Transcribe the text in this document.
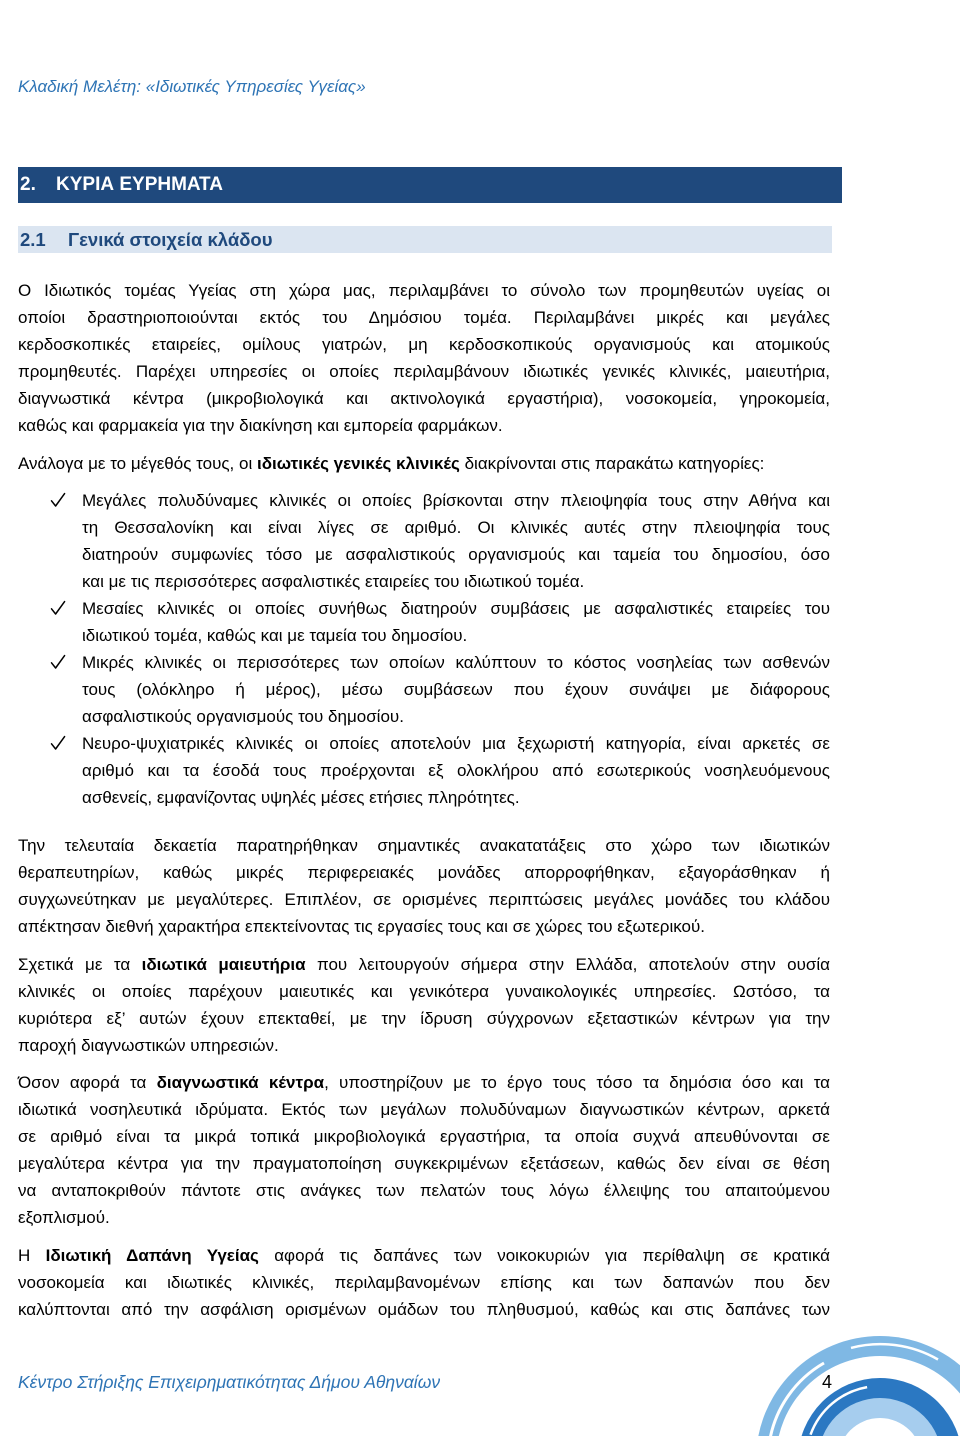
Κλαδική Μελέτη: «Ιδιωτικές Υπηρεσίες Υγείας»
2. ΚΥΡΙΑ ΕΥΡΗΜΑΤΑ
2.1 Γενικά στοιχεία κλάδου
Ο Ιδιωτικός τομέας Υγείας στη χώρα μας, περιλαμβάνει το σύνολο των προμηθευτών υγείας οι
οποίοι δραστηριοποιούνται εκτός του Δημόσιου τομέα. Περιλαμβάνει μικρές και μεγάλες
κερδοσκοπικές εταιρείες, ομίλους γιατρών, μη κερδοσκοπικούς οργανισμούς και ατομικούς
προμηθευτές. Παρέχει υπηρεσίες οι οποίες περιλαμβάνουν ιδιωτικές γενικές κλινικές, μαιευτήρια,
διαγνωστικά κέντρα (μικροβιολογικά και ακτινολογικά εργαστήρια), νοσοκομεία, γηροκομεία,
καθώς και φαρμακεία για την διακίνηση και εμπορεία φαρμάκων.
Ανάλογα με το μέγεθός τους, οι ιδιωτικές γενικές κλινικές διακρίνονται στις παρακάτω κατηγορίες:
Μεγάλες πολυδύναμες κλινικές οι οποίες βρίσκονται στην πλειοψηφία τους στην Αθήνα και
τη Θεσσαλονίκη και είναι λίγες σε αριθμό. Οι κλινικές αυτές στην πλειοψηφία τους
διατηρούν συμφωνίες τόσο με ασφαλιστικούς οργανισμούς και ταμεία του δημοσίου, όσο
και με τις περισσότερες ασφαλιστικές εταιρείες του ιδιωτικού τομέα.
Μεσαίες κλινικές οι οποίες συνήθως διατηρούν συμβάσεις με ασφαλιστικές εταιρείες του
ιδιωτικού τομέα, καθώς και με ταμεία του δημοσίου.
Μικρές κλινικές οι περισσότερες των οποίων καλύπτουν το κόστος νοσηλείας των ασθενών
τους (ολόκληρο ή μέρος), μέσω συμβάσεων που έχουν συνάψει με διάφορους
ασφαλιστικούς οργανισμούς του δημοσίου.
Νευρο-ψυχιατρικές κλινικές οι οποίες αποτελούν μια ξεχωριστή κατηγορία, είναι αρκετές σε
αριθμό και τα έσοδά τους προέρχονται εξ ολοκλήρου από εσωτερικούς νοσηλευόμενους
ασθενείς, εμφανίζοντας υψηλές μέσες ετήσιες πληρότητες.
Την τελευταία δεκαετία παρατηρήθηκαν σημαντικές ανακατατάξεις στο χώρο των ιδιωτικών
θεραπευτηρίων, καθώς μικρές περιφερειακές μονάδες απορροφήθηκαν, εξαγοράσθηκαν ή
συγχωνεύτηκαν με μεγαλύτερες. Επιπλέον, σε ορισμένες περιπτώσεις μεγάλες μονάδες του κλάδου
απέκτησαν διεθνή χαρακτήρα επεκτείνοντας τις εργασίες τους και σε χώρες του εξωτερικού.
Σχετικά με τα ιδιωτικά μαιευτήρια που λειτουργούν σήμερα στην Ελλάδα, αποτελούν στην ουσία
κλινικές οι οποίες παρέχουν μαιευτικές και γενικότερα γυναικολογικές υπηρεσίες. Ωστόσο, τα
κυριότερα εξ’ αυτών έχουν επεκταθεί, με την ίδρυση σύγχρονων εξεταστικών κέντρων για την
παροχή διαγνωστικών υπηρεσιών.
Όσον αφορά τα διαγνωστικά κέντρα, υποστηρίζουν με το έργο τους τόσο τα δημόσια όσο και τα
ιδιωτικά νοσηλευτικά ιδρύματα. Εκτός των μεγάλων πολυδύναμων διαγνωστικών κέντρων, αρκετά
σε αριθμό είναι τα μικρά τοπικά μικροβιολογικά εργαστήρια, τα οποία συχνά απευθύνονται σε
μεγαλύτερα κέντρα για την πραγματοποίηση συγκεκριμένων εξετάσεων, καθώς δεν είναι σε θέση
να ανταποκριθούν πάντοτε στις ανάγκες των πελατών τους λόγω έλλειψης του απαιτούμενου
εξοπλισμού.
Η Ιδιωτική Δαπάνη Υγείας αφορά τις δαπάνες των νοικοκυριών για περίθαλψη σε κρατικά
νοσοκομεία και ιδιωτικές κλινικές, περιλαμβανομένων επίσης και των δαπανών που δεν
καλύπτονται από την ασφάλιση ορισμένων ομάδων του πληθυσμού, καθώς και στις δαπάνες των
Κέντρο Στήριξης Επιχειρηματικότητας Δήμου Αθηναίων	4
